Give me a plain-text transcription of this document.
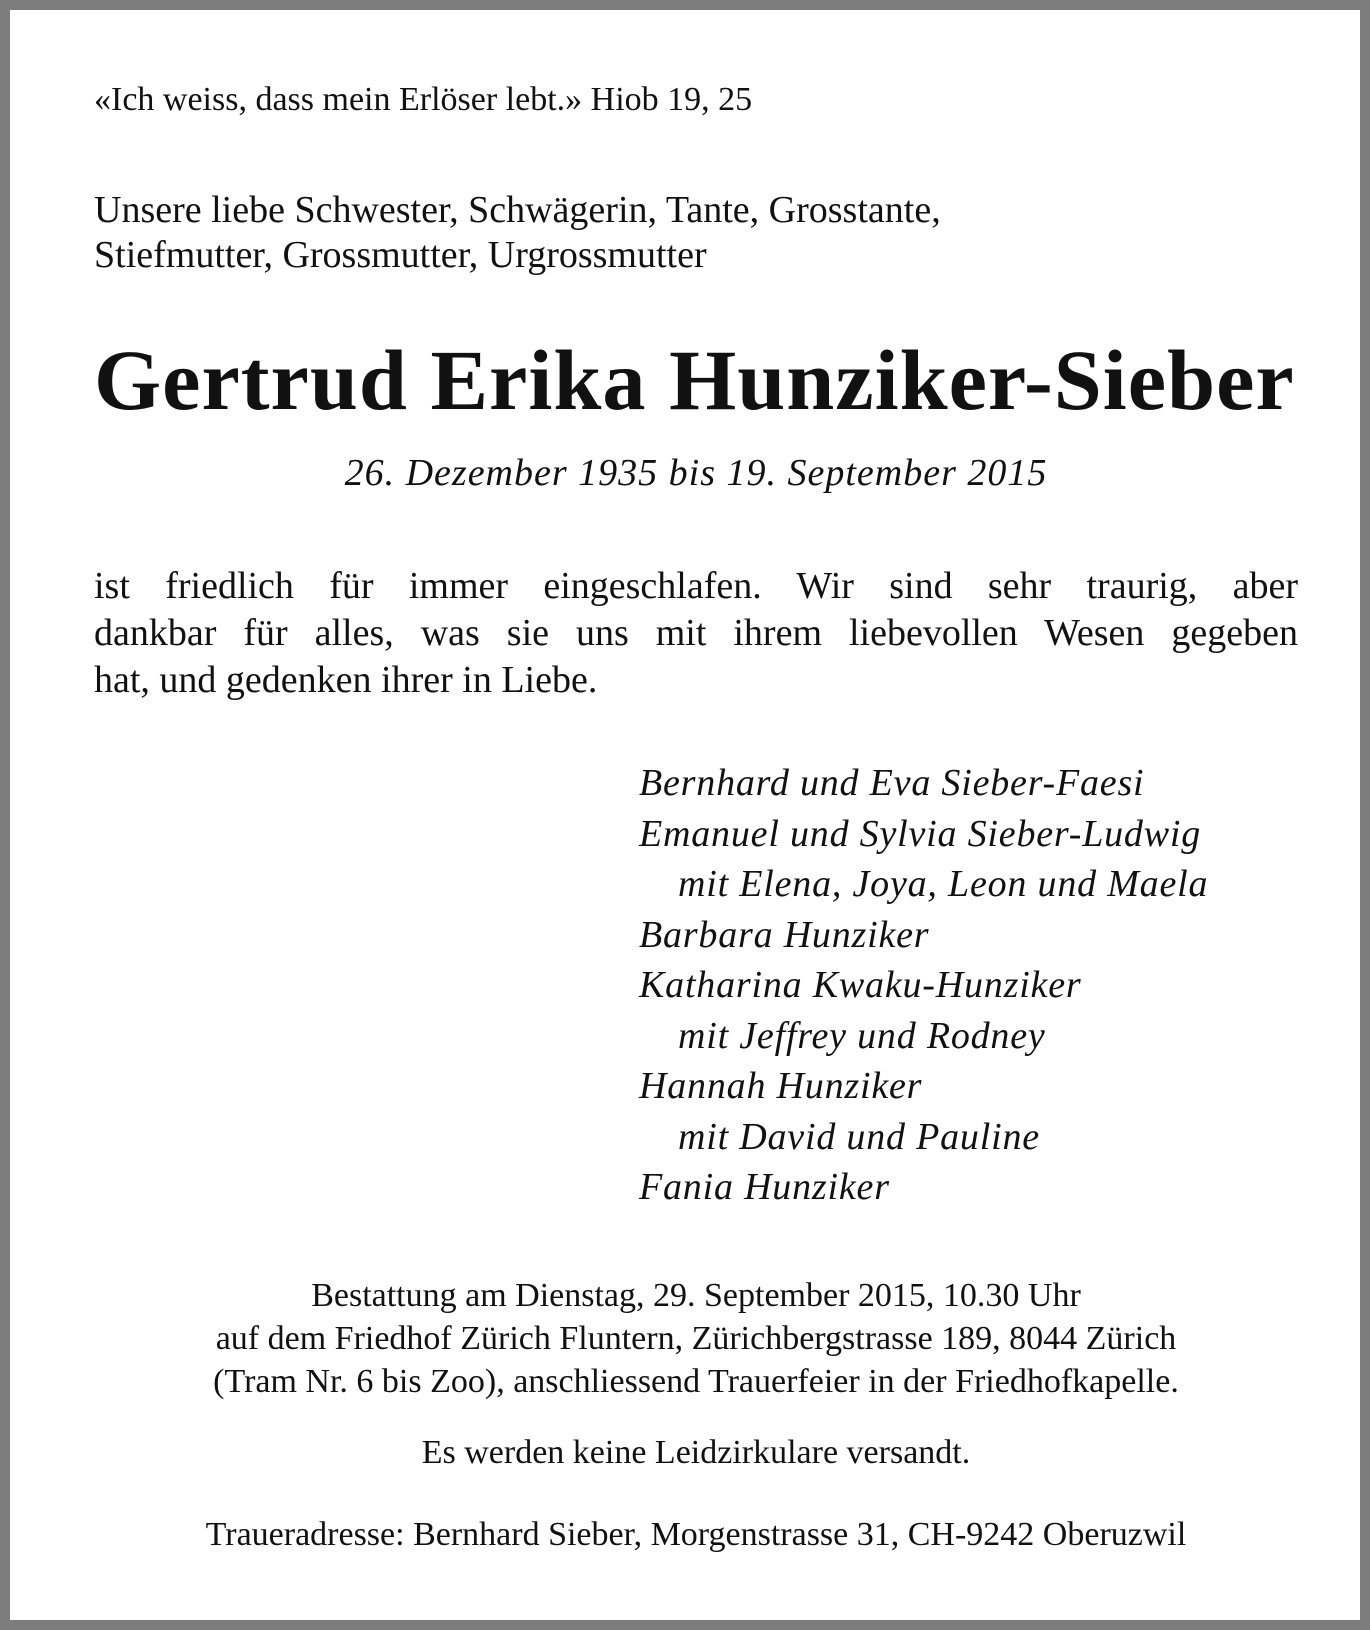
«Ich weiss, dass mein Erlöser lebt.» Hiob 19, 25
Unsere liebe Schwester, Schwägerin, Tante, Grosstante,
Stiefmutter, Grossmutter, Urgrossmutter
Gertrud Erika Hunziker-Sieber
26. Dezember 1935 bis 19. September 2015
ist friedlich für immer eingeschlafen. Wir sind sehr traurig, aber
dankbar für alles, was sie uns mit ihrem liebevollen Wesen gegeben
hat, und gedenken ihrer in Liebe.
Bernhard und Eva Sieber-Faesi
Emanuel und Sylvia Sieber-Ludwig
mit Elena, Joya, Leon und Maela
Barbara Hunziker
Katharina Kwaku-Hunziker
mit Jeffrey und Rodney
Hannah Hunziker
mit David und Pauline
Fania Hunziker
Bestattung am Dienstag, 29. September 2015, 10.30 Uhr
auf dem Friedhof Zürich Fluntern, Zürichbergstrasse 189, 8044 Zürich
(Tram Nr. 6 bis Zoo), anschliessend Trauerfeier in der Friedhofkapelle.
Es werden keine Leidzirkulare versandt.
Traueradresse: Bernhard Sieber, Morgenstrasse 31, CH-9242 Oberuzwil
